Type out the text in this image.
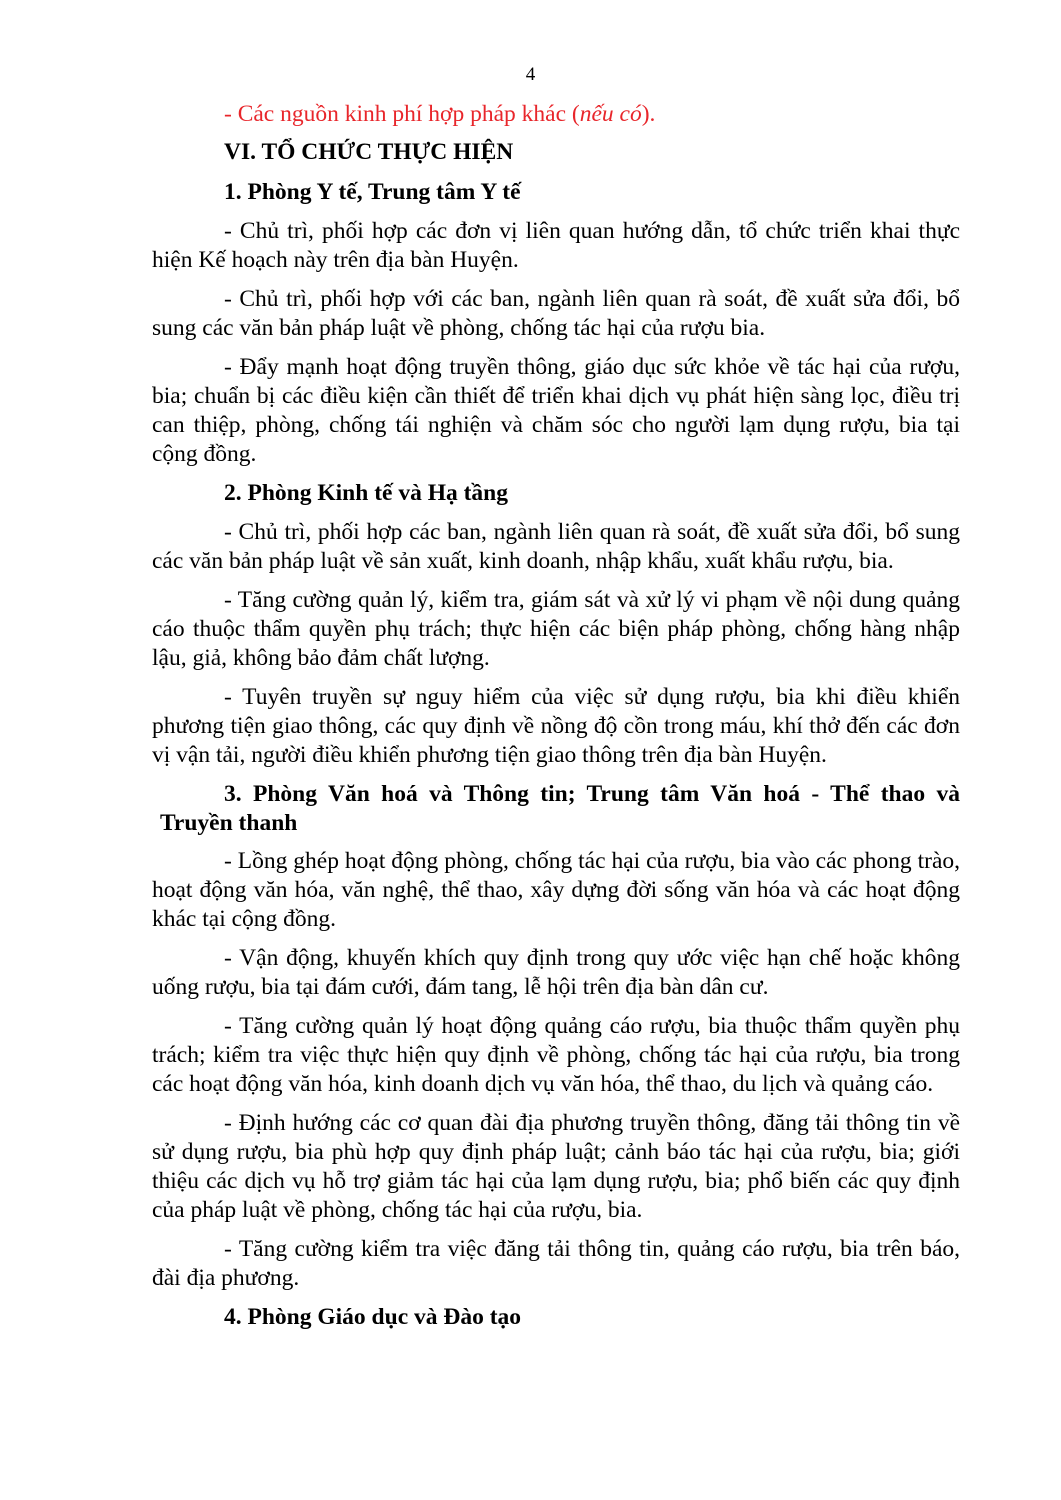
4

- Các nguồn kinh phí hợp pháp khác (nếu có).

VI. TỔ CHỨC THỰC HIỆN

1. Phòng Y tế, Trung tâm Y tế

- Chủ trì, phối hợp các đơn vị liên quan hướng dẫn, tổ chức triển khai thực hiện Kế hoạch này trên địa bàn Huyện.

- Chủ trì, phối hợp với các ban, ngành liên quan rà soát, đề xuất sửa đổi, bổ sung các văn bản pháp luật về phòng, chống tác hại của rượu bia.

- Đẩy mạnh hoạt động truyền thông, giáo dục sức khỏe về tác hại của rượu, bia; chuẩn bị các điều kiện cần thiết để triển khai dịch vụ phát hiện sàng lọc, điều trị can thiệp, phòng, chống tái nghiện và chăm sóc cho người lạm dụng rượu, bia tại cộng đồng.

2. Phòng Kinh tế và Hạ tầng

- Chủ trì, phối hợp các ban, ngành liên quan rà soát, đề xuất sửa đổi, bổ sung các văn bản pháp luật về sản xuất, kinh doanh, nhập khẩu, xuất khẩu rượu, bia.

- Tăng cường quản lý, kiểm tra, giám sát và xử lý vi phạm về nội dung quảng cáo thuộc thẩm quyền phụ trách; thực hiện các biện pháp phòng, chống hàng nhập lậu, giả, không bảo đảm chất lượng.

- Tuyên truyền sự nguy hiểm của việc sử dụng rượu, bia khi điều khiển phương tiện giao thông, các quy định về nồng độ cồn trong máu, khí thở đến các đơn vị vận tải, người điều khiển phương tiện giao thông trên địa bàn Huyện.

3. Phòng Văn hoá và Thông tin; Trung tâm Văn hoá - Thể thao và Truyền thanh

- Lồng ghép hoạt động phòng, chống tác hại của rượu, bia vào các phong trào, hoạt động văn hóa, văn nghệ, thể thao, xây dựng đời sống văn hóa và các hoạt động khác tại cộng đồng.

- Vận động, khuyến khích quy định trong quy ước việc hạn chế hoặc không uống rượu, bia tại đám cưới, đám tang, lễ hội trên địa bàn dân cư.

- Tăng cường quản lý hoạt động quảng cáo rượu, bia thuộc thẩm quyền phụ trách; kiểm tra việc thực hiện quy định về phòng, chống tác hại của rượu, bia trong các hoạt động văn hóa, kinh doanh dịch vụ văn hóa, thể thao, du lịch và quảng cáo.

- Định hướng các cơ quan đài địa phương truyền thông, đăng tải thông tin về sử dụng rượu, bia phù hợp quy định pháp luật; cảnh báo tác hại của rượu, bia; giới thiệu các dịch vụ hỗ trợ giảm tác hại của lạm dụng rượu, bia; phổ biến các quy định của pháp luật về phòng, chống tác hại của rượu, bia.

- Tăng cường kiểm tra việc đăng tải thông tin, quảng cáo rượu, bia trên báo, đài địa phương.

4. Phòng Giáo dục và Đào tạo
